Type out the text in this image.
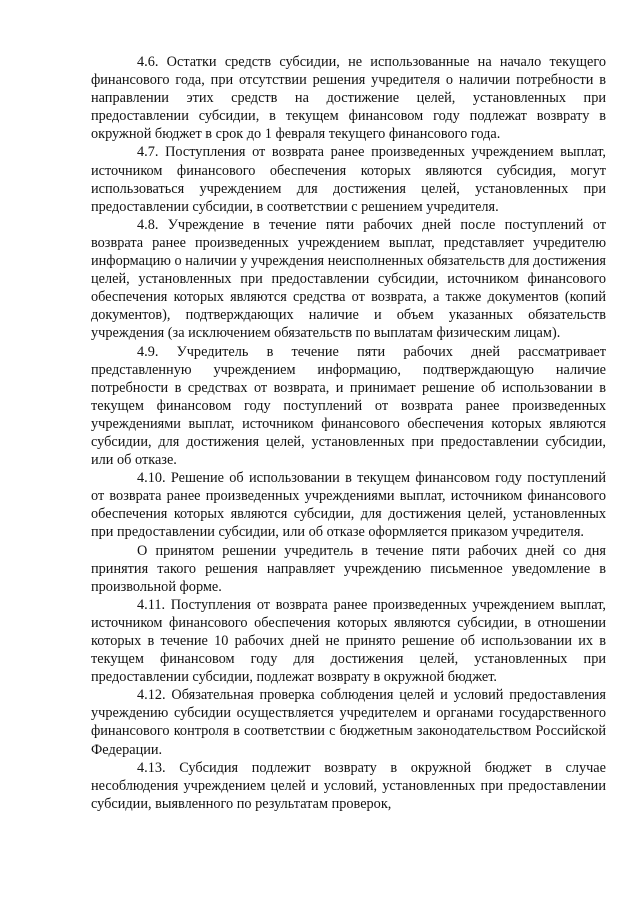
4.6. Остатки средств субсидии, не использованные на начало текущего финансового года, при отсутствии решения учредителя о наличии потребности в направлении этих средств на достижение целей, установленных при предоставлении субсидии, в текущем финансовом году подлежат возврату в окружной бюджет в срок до 1 февраля текущего финансового года.

4.7. Поступления от возврата ранее произведенных учреждением выплат, источником финансового обеспечения которых являются субсидия, могут использоваться учреждением для достижения целей, установленных при предоставлении субсидии, в соответствии с решением учредителя.

4.8. Учреждение в течение пяти рабочих дней после поступлений от возврата ранее произведенных учреждением выплат, представляет учредителю информацию о наличии у учреждения неисполненных обязательств для достижения целей, установленных при предоставлении субсидии, источником финансового обеспечения которых являются средства от возврата, а также документов (копий документов), подтверждающих наличие и объем указанных обязательств учреждения (за исключением обязательств по выплатам физическим лицам).

4.9. Учредитель в течение пяти рабочих дней рассматривает представленную учреждением информацию, подтверждающую наличие потребности в средствах от возврата, и принимает решение об использовании в текущем финансовом году поступлений от возврата ранее произведенных учреждениями выплат, источником финансового обеспечения которых являются субсидии, для достижения целей, установленных при предоставлении субсидии, или об отказе.

4.10. Решение об использовании в текущем финансовом году поступлений от возврата ранее произведенных учреждениями выплат, источником финансового обеспечения которых являются субсидии, для достижения целей, установленных при предоставлении субсидии, или об отказе оформляется приказом учредителя.

О принятом решении учредитель в течение пяти рабочих дней со дня принятия такого решения направляет учреждению письменное уведомление в произвольной форме.

4.11. Поступления от возврата ранее произведенных учреждением выплат, источником финансового обеспечения которых являются субсидии, в отношении которых в течение 10 рабочих дней не принято решение об использовании их в текущем финансовом году для достижения целей, установленных при предоставлении субсидии, подлежат возврату в окружной бюджет.

4.12. Обязательная проверка соблюдения целей и условий предоставления учреждению субсидии осуществляется учредителем и органами государственного финансового контроля в соответствии с бюджетным законодательством Российской Федерации.

4.13. Субсидия подлежит возврату в окружной бюджет в случае несоблюдения учреждением целей и условий, установленных при предоставлении субсидии, выявленного по результатам проверок,
